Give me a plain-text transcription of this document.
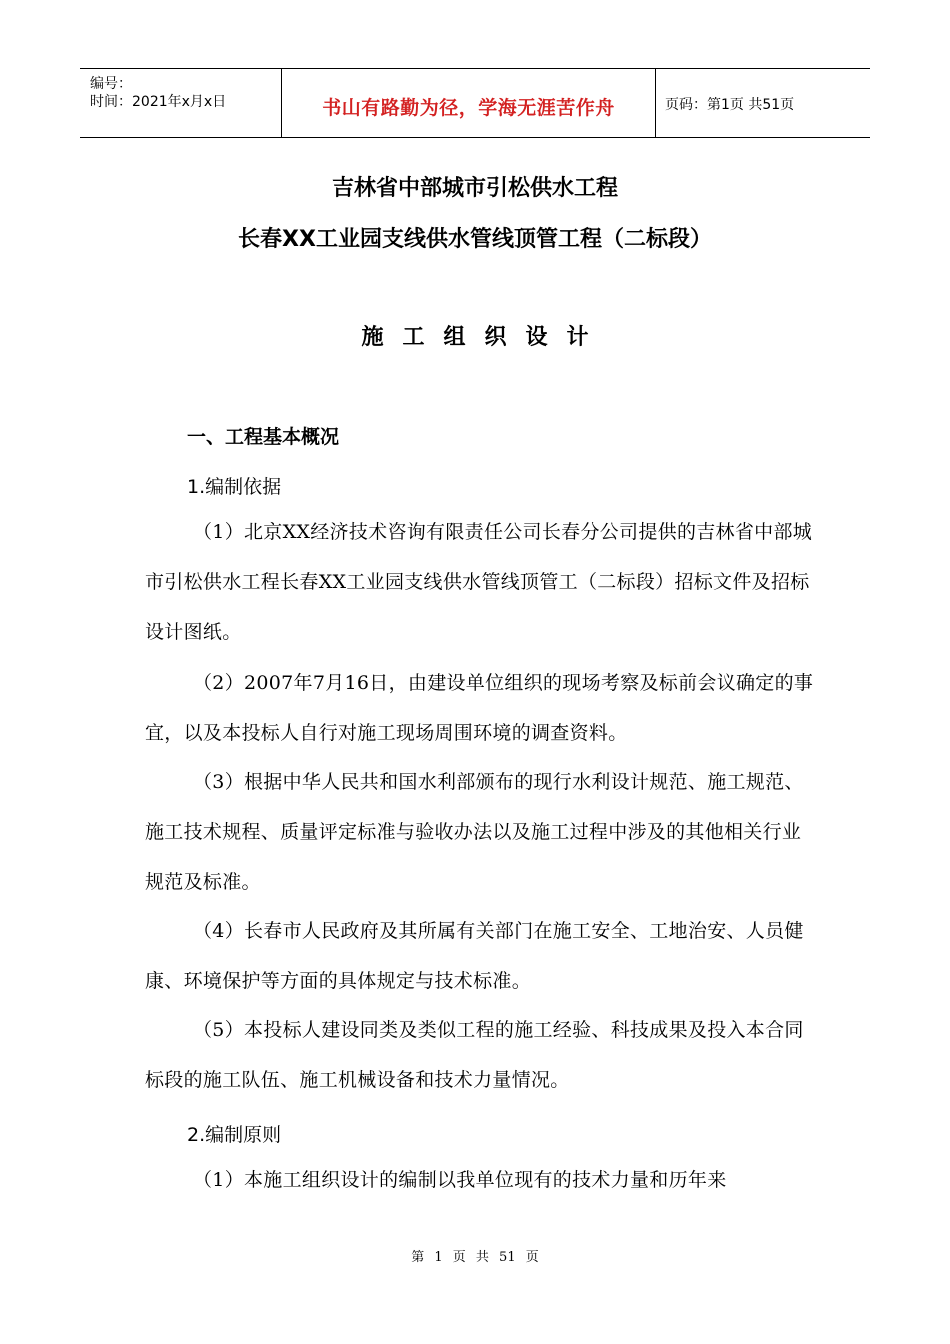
编号：
时间：2021年x月x日	书山有路勤为径，学海无涯苦作舟	页码：第1页 共51页
吉林省中部城市引松供水工程
长春XX工业园支线供水管线顶管工程（二标段）
施工组织设计
一、工程基本概况
1.编制依据
（1）北京XX经济技术咨询有限责任公司长春分公司提供的吉林省中部城市引松供水工程长春XX工业园支线供水管线顶管工（二标段）招标文件及招标设计图纸。
（2）2007年7月16日，由建设单位组织的现场考察及标前会议确定的事宜，以及本投标人自行对施工现场周围环境的调查资料。
（3）根据中华人民共和国水利部颁布的现行水利设计规范、施工规范、施工技术规程、质量评定标准与验收办法以及施工过程中涉及的其他相关行业规范及标准。
（4）长春市人民政府及其所属有关部门在施工安全、工地治安、人员健康、环境保护等方面的具体规定与技术标准。
（5）本投标人建设同类及类似工程的施工经验、科技成果及投入本合同标段的施工队伍、施工机械设备和技术力量情况。
2.编制原则
（1）本施工组织设计的编制以我单位现有的技术力量和历年来
第 1 页 共 51 页
